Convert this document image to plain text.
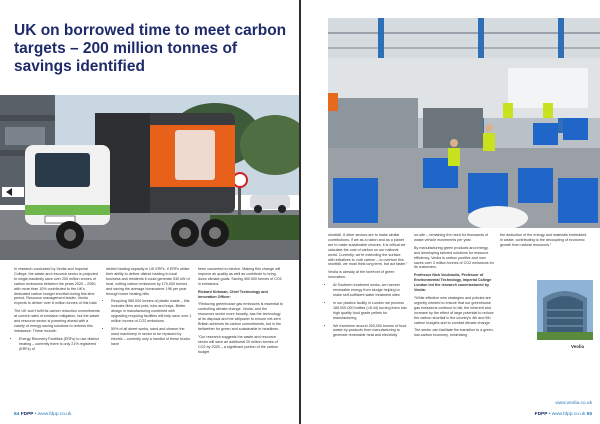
UK on borrowed time to meet carbon targets – 200 million tonnes of savings identified

In research conducted by Veolia and Imperial College, the waste and resource sector is projected to single-handedly save over 200 million tonnes of carbon emissions between the years 2025 – 2050, with more than 10% contributed to the UK's dedicated carbon budget shortfall during this time period. Resource management leader, Veolia expects to deliver over 8 million tonnes of this total.

The UK won't fulfil its carbon reduction commitments at current rates of emission mitigation, but the waste and resource sector is powering ahead with a variety of energy saving solutions to redress this imbalance. These include:

• Energy Recovery Facilities (ERFs) to use distinct heating – currently there is only 21% registered (ERFs) of

district heating capacity in UK ERFs. If ERFs utilise their ability to deliver district heating to local business and residents it could generate 530 kW of heat, cutting carbon emissions by 170,000 tonnes and saving the average homeowner 196 per year through lower heating bills.

• Recycling 580,000 tonnes of plastic waste – this includes films and pots, tubs and trays. Better design in manufacturing combined with upgrading recycling facilities will help save over 1 million tonnes of CO2 emissions.
• 50% of all street works, sand and cleaner the used machinery in sector to be replaced by electric – currently only a handful of these trucks have

been converted to electric. Making this change will improve air quality as well as contribute to bring down climate goals. Saving 400,000 tonnes of CO2 in emissions.

Richard Kirkman, Chief Technology and Innovation Officer:

“Reducing greenhouse gas emissions is essential to controlling climate change. Veolia, and the resources sector more broadly, has the technology at its disposal and the willpower to ensure net-zero Britain achieves its carbon commitments, but is the bellwether for green and sustainable in headlines.

“Our research suggests the waste and resource sector will save an additional 20 million tonnes of CO2 by 2025 – a significant portion of the carbon budget

64 FDPP • www.fdpp.co.uk

shortfall. If other sectors are to make similar contributions, if we as a nation and as a planet are to make sustainable choices, it is critical we calculate the cost of carbon on our national world. Currently, we're extending the surface with initiatives to curb carbon – to overturn this shortfall, we must think long term, but act faster.”

Veolia is already at the forefront of green innovation:

• At Southern treatment works, we harvest renewable energy from sludge helping to make self-sufficient water treatment sites
• In our plastics facility in London we process 180,000,000 bottles (>8.44) turning them into high quality food grade pellets for manufacturing
• We transform around 250,000 tonnes of food waste by-products from manufacturing to generate renewable heat and electricity

on-site – remaining the need for thousands of waste vehicle movements per year.

By manufacturing green products and energy, and developing tailored solutions for resource efficiency, Veolia is carbon positive and now saves over 3 million tonnes of CO2 emissions for its customers.

Professor Nick Voulvoulis, Professor of Environmental Technology, Imperial College London led the research commissioned by Veolia:

“While effective new strategies and policies are urgently needed to ensure that our greenhouse gas emissions continue to fall, the inherent and increase by the effect of large potential to reduce the carbon shortfall in the country's 4th and 5th carbon budgets and to combat climate change.

The sector can facilitate the transition to a green, low-carbon economy, minimising

the deduction of the energy and materials embedded in waste, contributing to the decoupling of economic growth from natural resources.”

Veolia
www.veolia.co.uk
FDPP • www.fdpp.co.uk 65
